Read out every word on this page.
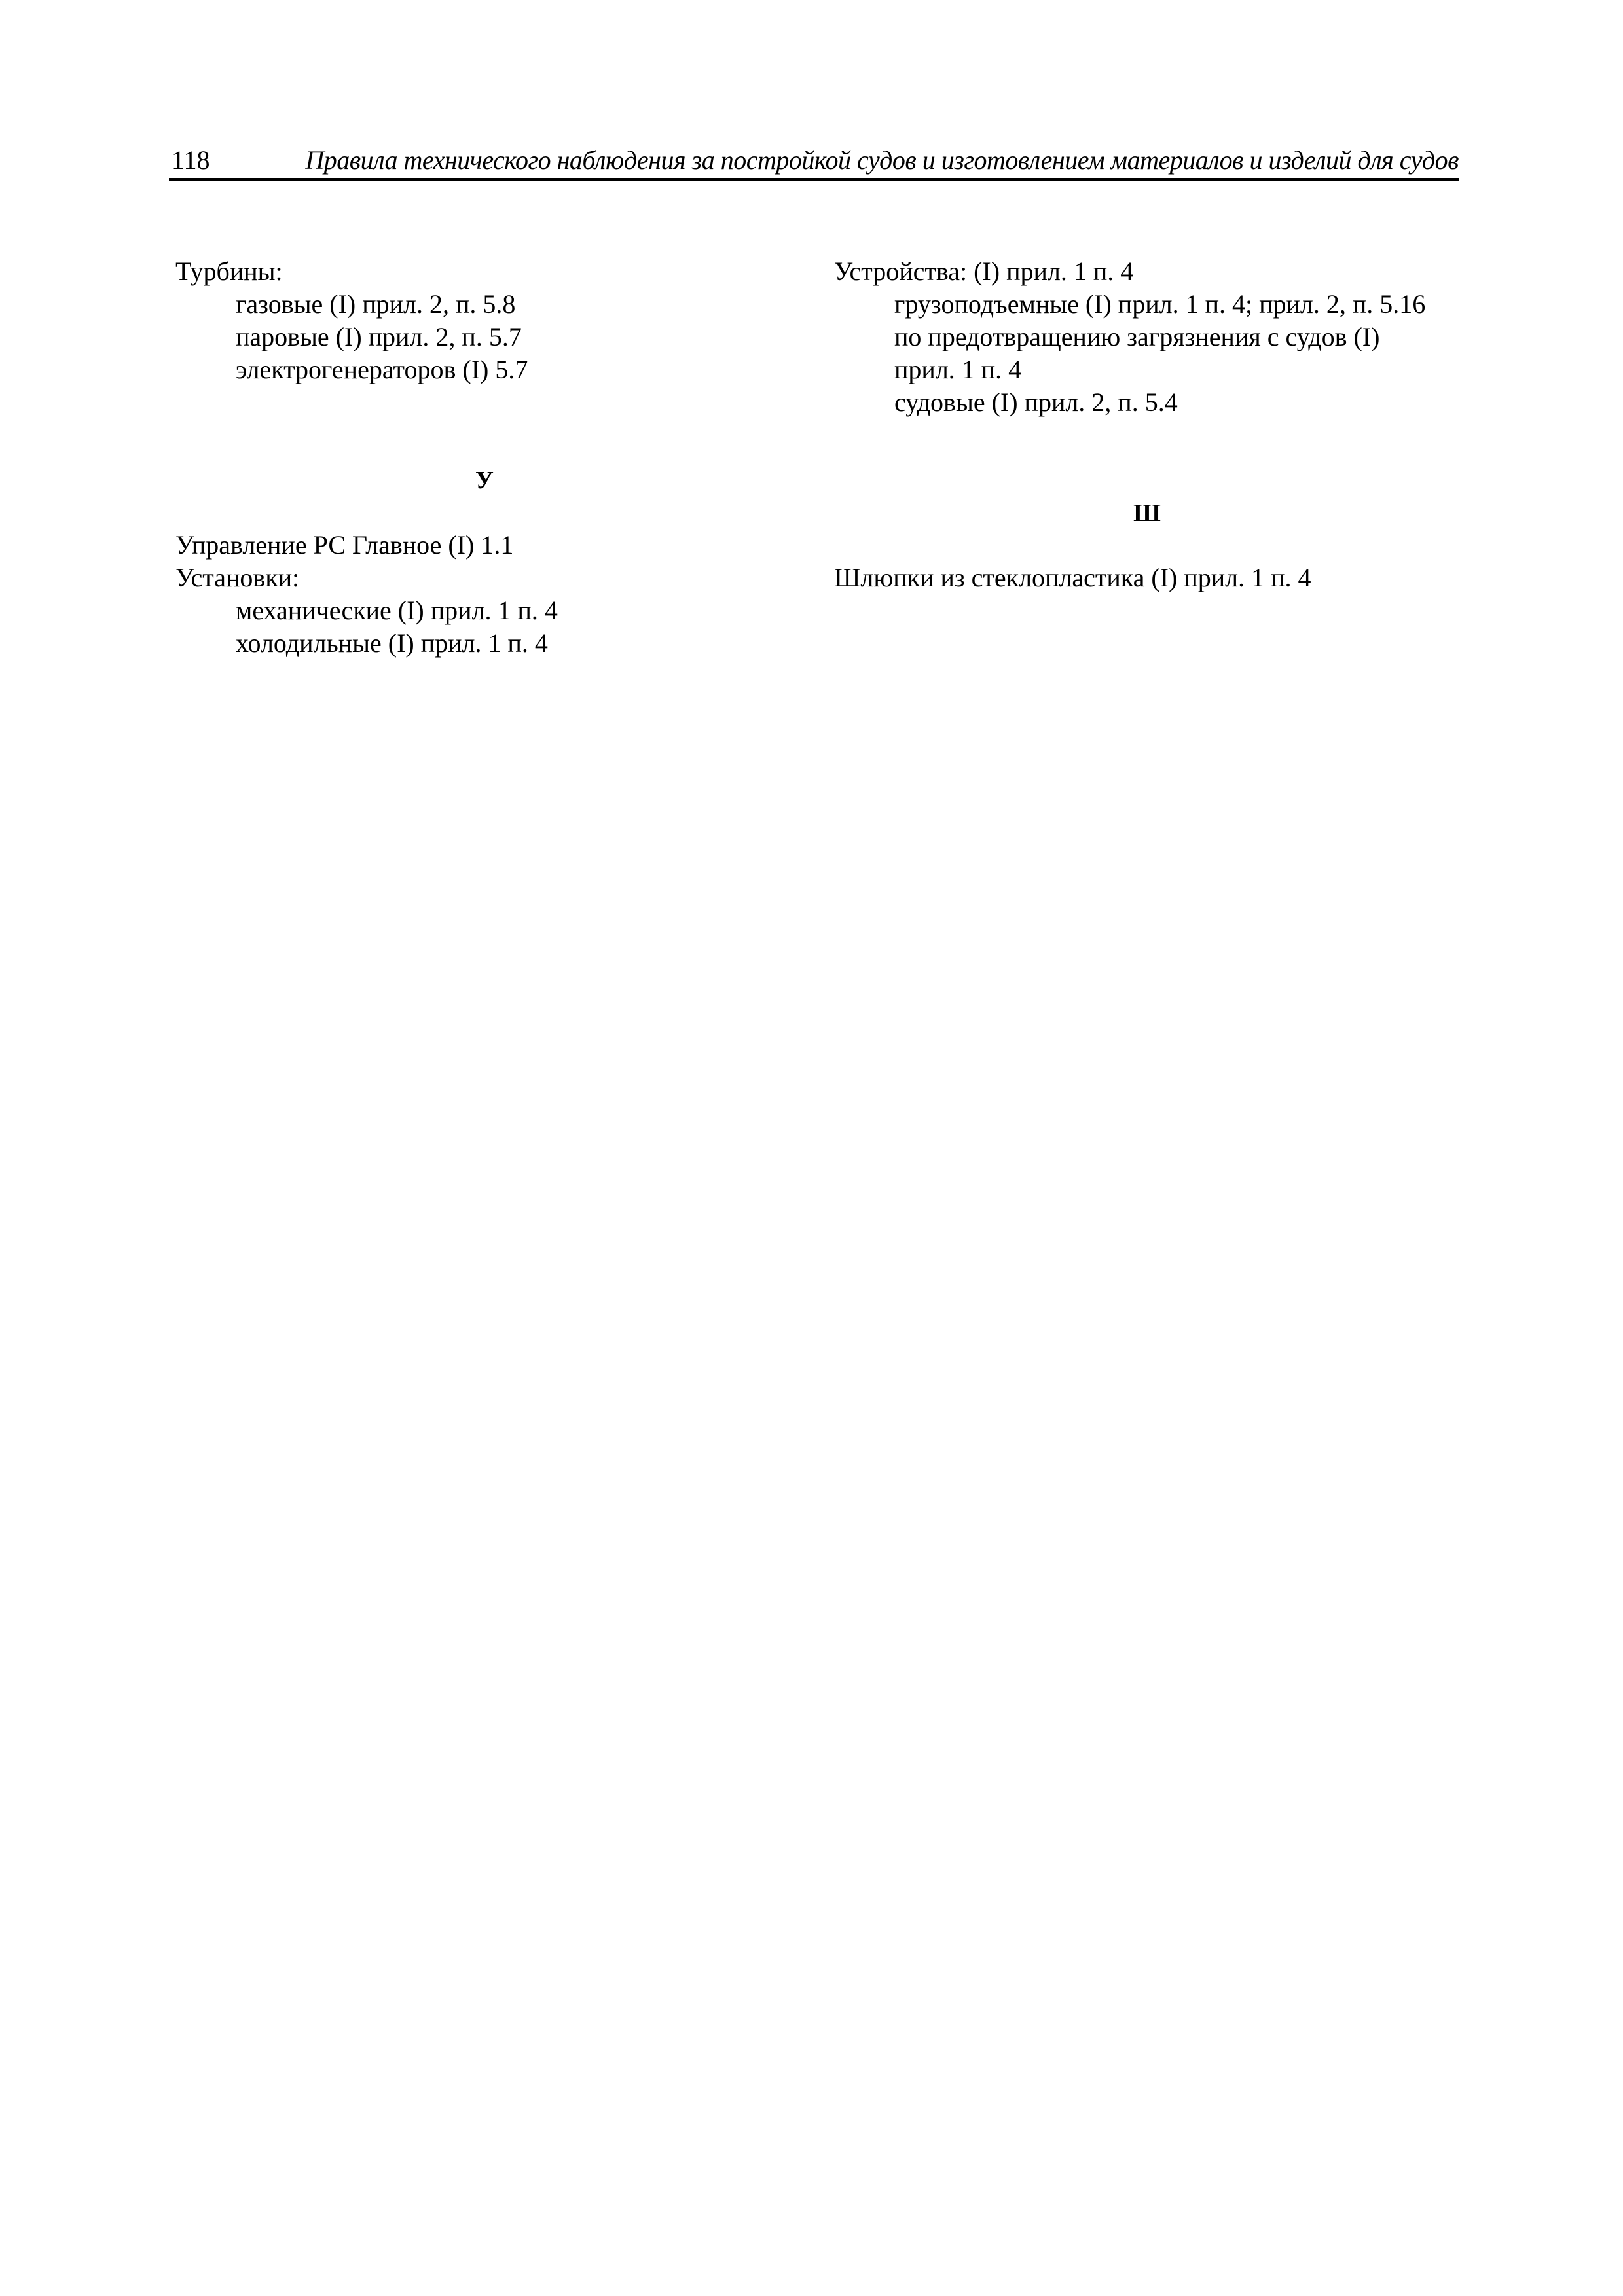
118	Правила технического наблюдения за постройкой судов и изготовлением материалов и изделий для судов
Турбины:
газовые (I) прил. 2, п. 5.8
паровые (I) прил. 2, п. 5.7
электрогенераторов (I) 5.7
У
Управление РС Главное (I) 1.1
Установки:
механические (I) прил. 1 п. 4
холодильные (I) прил. 1 п. 4
Устройства: (I) прил. 1 п. 4
грузоподъемные (I) прил. 1 п. 4; прил. 2, п. 5.16
по предотвращению загрязнения с судов (I)
прил. 1 п. 4
судовые (I) прил. 2, п. 5.4
Ш
Шлюпки из стеклопластика (I) прил. 1 п. 4
